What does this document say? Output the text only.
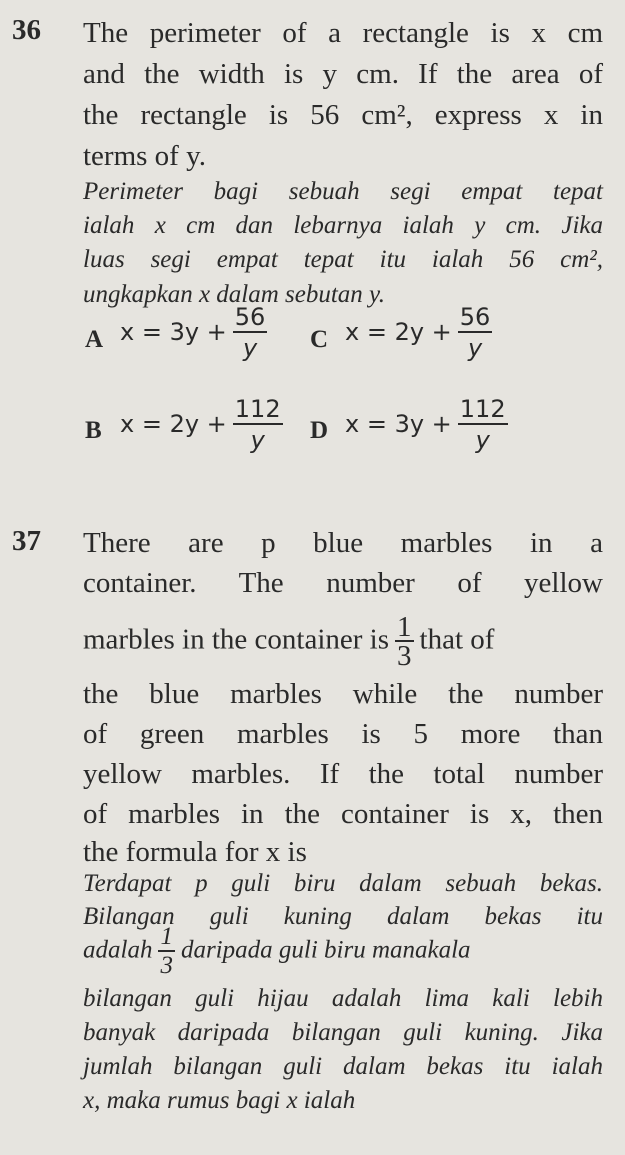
36 The perimeter of a rectangle is x cm
and the width is y cm. If the area of
the rectangle is 56 cm², express x in
terms of y.
Perimeter bagi sebuah segi empat tepat
ialah x cm dan lebarnya ialah y cm. Jika
luas segi empat tepat itu ialah 56 cm²,
ungkapkan x dalam sebutan y.
A $x = 3y + \frac{56}{y}$ C $x = 2y + \frac{56}{y}$
B $x = 2y + \frac{112}{y}$ D $x = 3y + \frac{112}{y}$
37 There are p blue marbles in a
container. The number of yellow
marbles in the container is $\frac{1}{3}$ that of
the blue marbles while the number
of green marbles is 5 more than
yellow marbles. If the total number
of marbles in the container is x, then
the formula for x is
Terdapat p guli biru dalam sebuah bekas.
Bilangan guli kuning dalam bekas itu
adalah $\frac{1}{3}$ daripada guli biru manakala
bilangan guli hijau adalah lima kali lebih
banyak daripada bilangan guli kuning. Jika
jumlah bilangan guli dalam bekas itu ialah
x, maka rumus bagi x ialah
